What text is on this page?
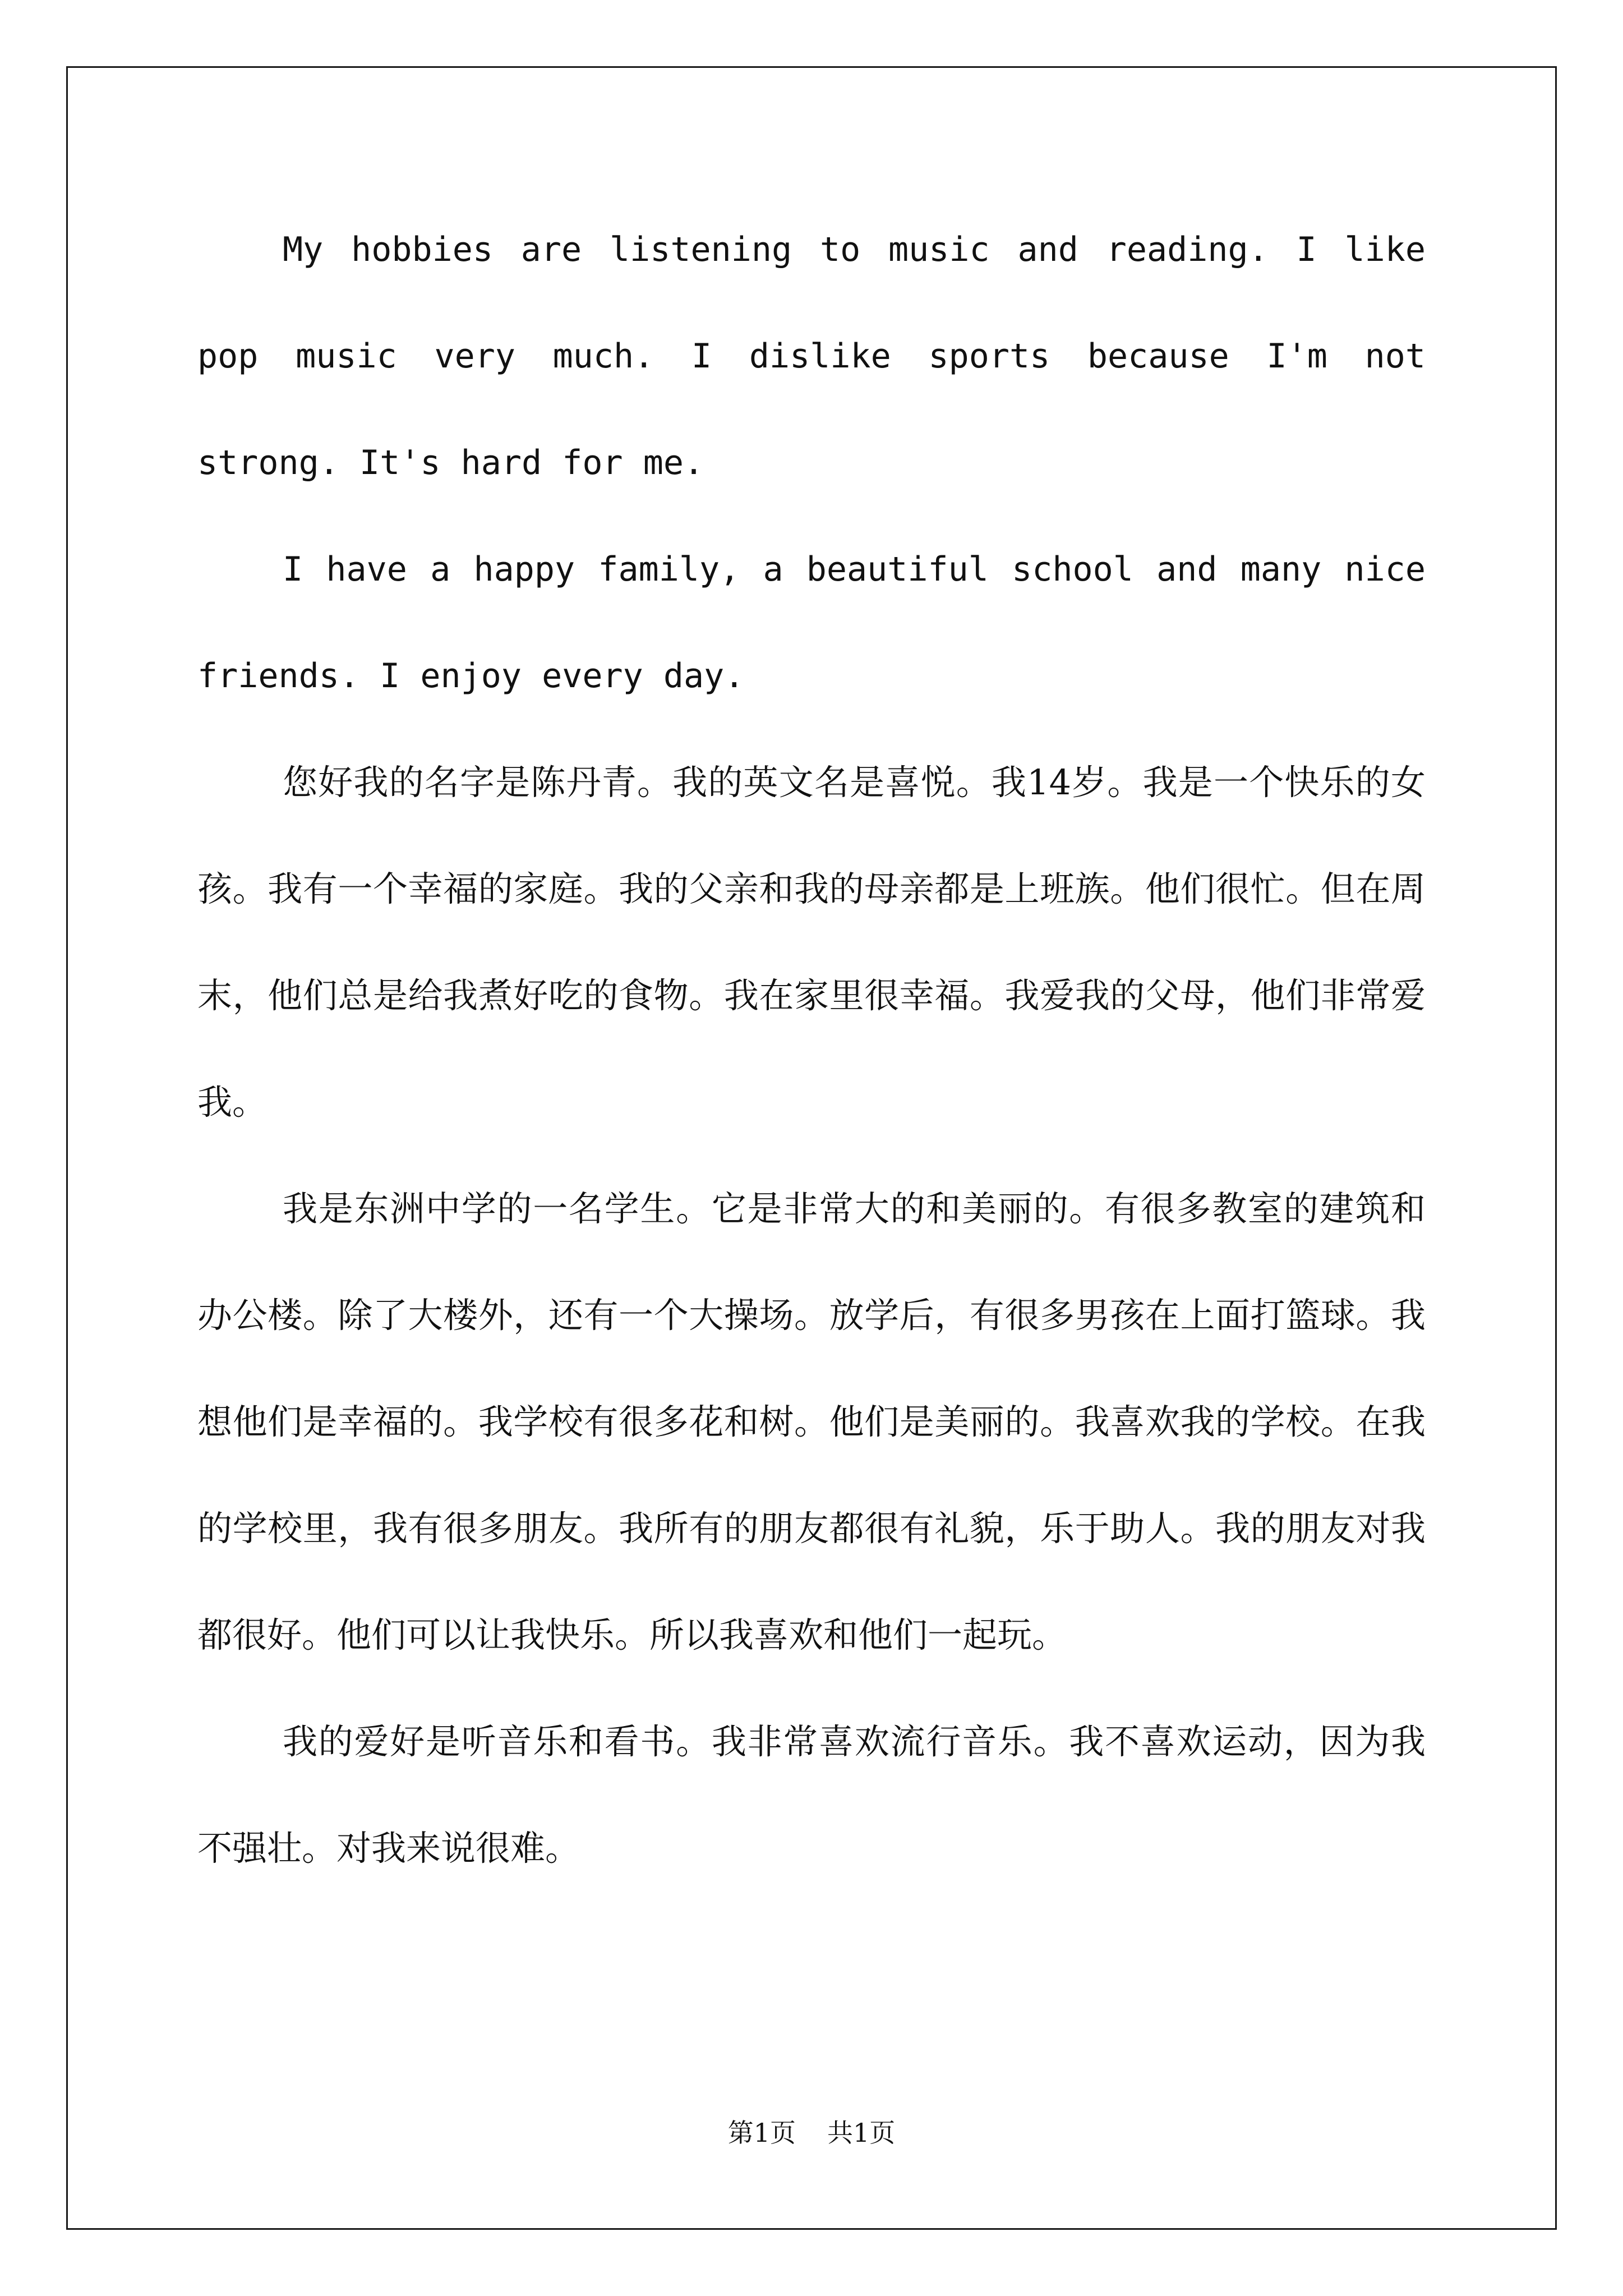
My hobbies are listening to music and reading. I like pop music very much. I dislike sports because I'm not strong. It's hard for me.

I have a happy family, a beautiful school and many nice friends. I enjoy every day.

您好我的名字是陈丹青。我的英文名是喜悦。我14岁。我是一个快乐的女孩。我有一个幸福的家庭。我的父亲和我的母亲都是上班族。他们很忙。但在周末，他们总是给我煮好吃的食物。我在家里很幸福。我爱我的父母，他们非常爱我。

我是东洲中学的一名学生。它是非常大的和美丽的。有很多教室的建筑和办公楼。除了大楼外，还有一个大操场。放学后，有很多男孩在上面打篮球。我想他们是幸福的。我学校有很多花和树。他们是美丽的。我喜欢我的学校。在我的学校里，我有很多朋友。我所有的朋友都很有礼貌，乐于助人。我的朋友对我都很好。他们可以让我快乐。所以我喜欢和他们一起玩。

我的爱好是听音乐和看书。我非常喜欢流行音乐。我不喜欢运动，因为我不强壮。对我来说很难。

第1页 共1页
